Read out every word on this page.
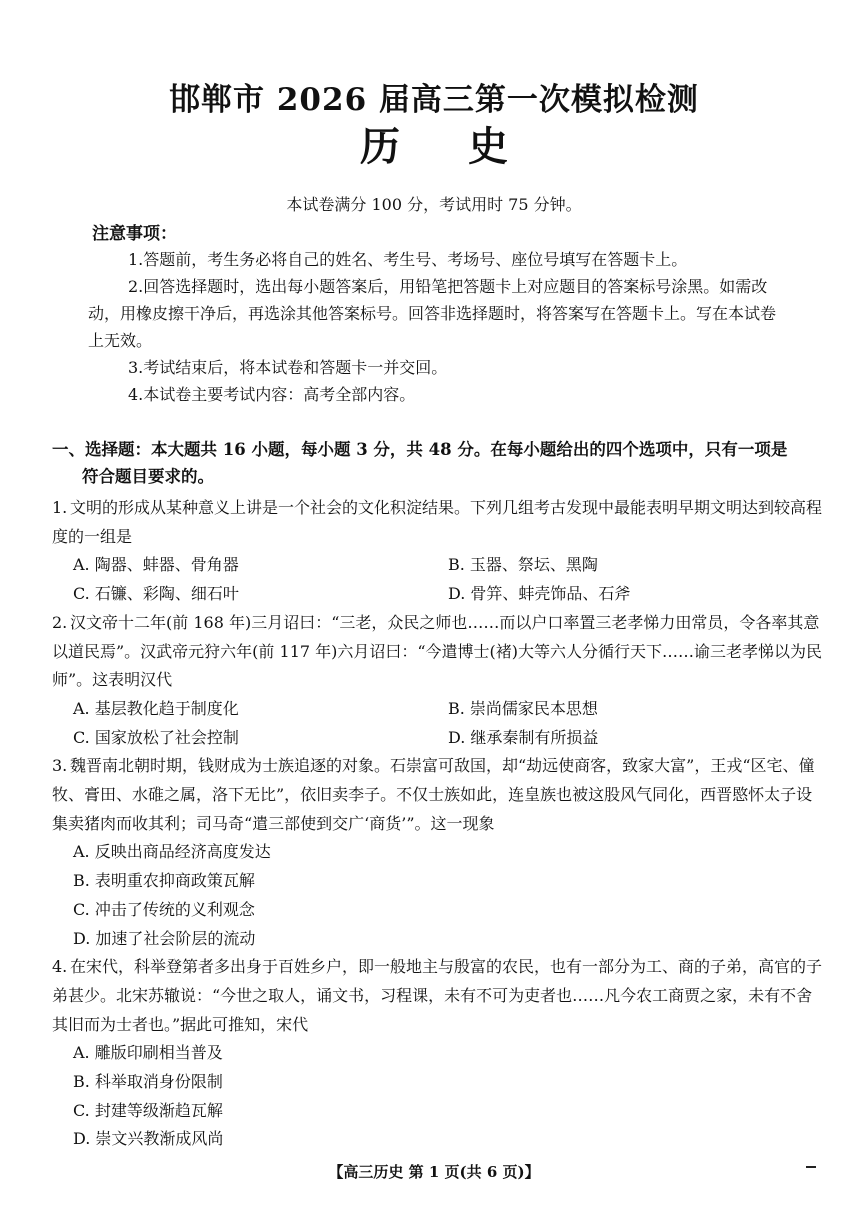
邯郸市 2026 届高三第一次模拟检测
历史
本试卷满分 100 分，考试用时 75 分钟。
注意事项：
1.答题前，考生务必将自己的姓名、考生号、考场号、座位号填写在答题卡上。
2.回答选择题时，选出每小题答案后，用铅笔把答题卡上对应题目的答案标号涂黑。如需改动，用橡皮擦干净后，再选涂其他答案标号。回答非选择题时，将答案写在答题卡上。写在本试卷上无效。
3.考试结束后，将本试卷和答题卡一并交回。
4.本试卷主要考试内容：高考全部内容。
一、选择题：本大题共 16 小题，每小题 3 分，共 48 分。在每小题给出的四个选项中，只有一项是
符合题目要求的。
1. 文明的形成从某种意义上讲是一个社会的文化积淀结果。下列几组考古发现中最能表明早期文明达到较高程度的一组是
A. 陶器、蚌器、骨角器	B. 玉器、祭坛、黑陶
C. 石镰、彩陶、细石叶	D. 骨笄、蚌壳饰品、石斧
2. 汉文帝十二年(前 168 年)三月诏曰：“三老，众民之师也……而以户口率置三老孝悌力田常员，令各率其意以道民焉”。汉武帝元狩六年(前 117 年)六月诏曰：“今遣博士(褚)大等六人分循行天下……谕三老孝悌以为民师”。这表明汉代
A. 基层教化趋于制度化	B. 崇尚儒家民本思想
C. 国家放松了社会控制	D. 继承秦制有所损益
3. 魏晋南北朝时期，钱财成为士族追逐的对象。石崇富可敌国，却“劫远使商客，致家大富”，王戎“区宅、僮牧、膏田、水碓之属，洛下无比”，依旧卖李子。不仅士族如此，连皇族也被这股风气同化，西晋愍怀太子设集卖猪肉而收其利；司马奇“遣三部使到交广‘商货’”。这一现象
A. 反映出商品经济高度发达
B. 表明重农抑商政策瓦解
C. 冲击了传统的义利观念
D. 加速了社会阶层的流动
4. 在宋代，科举登第者多出身于百姓乡户，即一般地主与殷富的农民，也有一部分为工、商的子弟，高官的子弟甚少。北宋苏辙说：“今世之取人，诵文书，习程课，未有不可为吏者也……凡今农工商贾之家，未有不舍其旧而为士者也。”据此可推知，宋代
A. 雕版印刷相当普及
B. 科举取消身份限制
C. 封建等级渐趋瓦解
D. 崇文兴教渐成风尚
【高三历史 第 1 页(共 6 页)】
